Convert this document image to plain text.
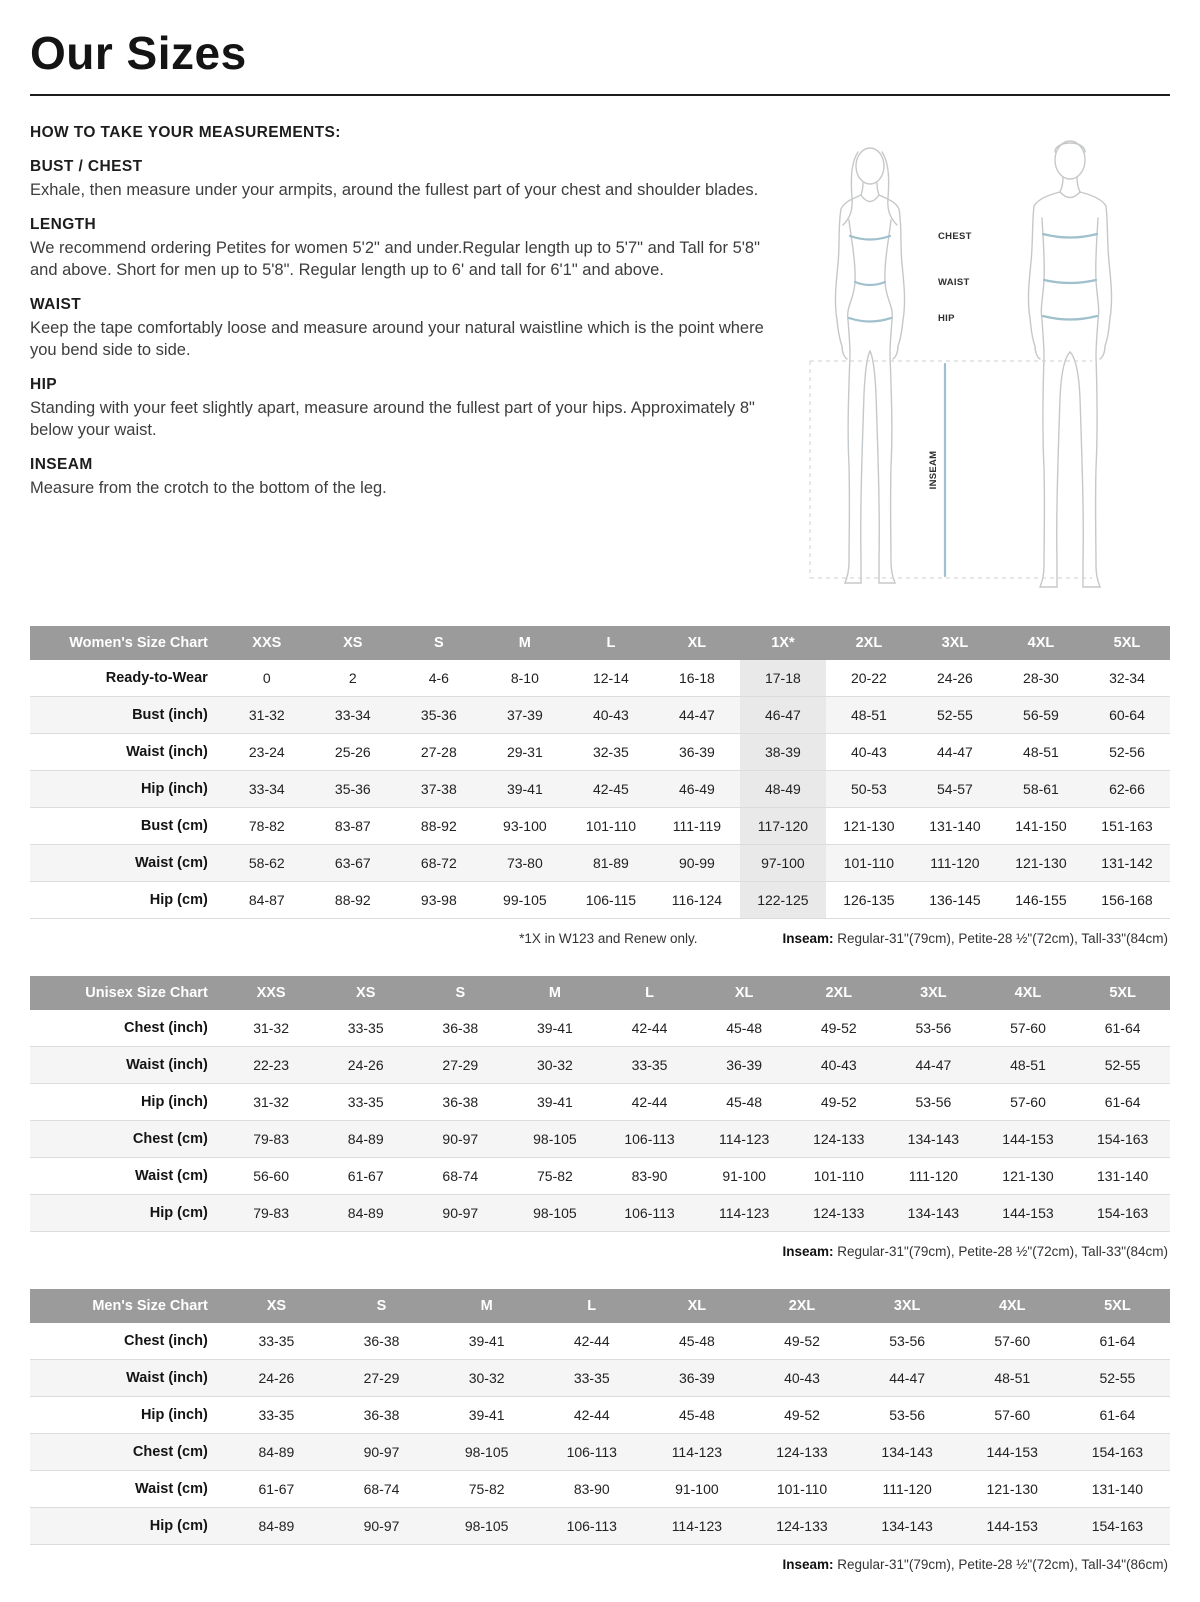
Our Sizes
HOW TO TAKE YOUR MEASUREMENTS:
BUST / CHEST

Exhale, then measure under your armpits, around the fullest part of your chest and shoulder blades.

LENGTH

We recommend ordering Petites for women 5'2" and under.Regular length up to 5'7" and Tall for 5'8" and above. Short for men up to 5'8". Regular length up to 6' and tall for 6'1" and above.

WAIST

Keep the tape comfortably loose and measure around your natural waistline which is the point where you bend side to side.

HIP

Standing with your feet slightly apart, measure around the fullest part of your hips. Approximately 8" below your waist.

INSEAM

Measure from the crotch to the bottom of the leg.

CHEST
WAIST
HIP
INSEAM
Women's Size Chart	XXS	XS	S	M	L	XL	1X*	2XL	3XL	4XL	5XL
Ready-to-Wear	0	2	4-6	8-10	12-14	16-18	17-18	20-22	24-26	28-30	32-34
Bust (inch)	31-32	33-34	35-36	37-39	40-43	44-47	46-47	48-51	52-55	56-59	60-64
Waist (inch)	23-24	25-26	27-28	29-31	32-35	36-39	38-39	40-43	44-47	48-51	52-56
Hip (inch)	33-34	35-36	37-38	39-41	42-45	46-49	48-49	50-53	54-57	58-61	62-66
Bust (cm)	78-82	83-87	88-92	93-100	101-110	111-119	117-120	121-130	131-140	141-150	151-163
Waist (cm)	58-62	63-67	68-72	73-80	81-89	90-99	97-100	101-110	111-120	121-130	131-142
Hip (cm)	84-87	88-92	93-98	99-105	106-115	116-124	122-125	126-135	136-145	146-155	156-168
*1X in W123 and Renew only.	Inseam: Regular-31"(79cm), Petite-28 ½"(72cm), Tall-33"(84cm)

Unisex Size Chart	XXS	XS	S	M	L	XL	2XL	3XL	4XL	5XL
Chest (inch)	31-32	33-35	36-38	39-41	42-44	45-48	49-52	53-56	57-60	61-64
Waist (inch)	22-23	24-26	27-29	30-32	33-35	36-39	40-43	44-47	48-51	52-55
Hip (inch)	31-32	33-35	36-38	39-41	42-44	45-48	49-52	53-56	57-60	61-64
Chest (cm)	79-83	84-89	90-97	98-105	106-113	114-123	124-133	134-143	144-153	154-163
Waist (cm)	56-60	61-67	68-74	75-82	83-90	91-100	101-110	111-120	121-130	131-140
Hip (cm)	79-83	84-89	90-97	98-105	106-113	114-123	124-133	134-143	144-153	154-163

Inseam: Regular-31"(79cm), Petite-28 ½"(72cm), Tall-33"(84cm)

Men's Size Chart	XS	S	M	L	XL	2XL	3XL	4XL	5XL
Chest (inch)	33-35	36-38	39-41	42-44	45-48	49-52	53-56	57-60	61-64
Waist (inch)	24-26	27-29	30-32	33-35	36-39	40-43	44-47	48-51	52-55
Hip (inch)	33-35	36-38	39-41	42-44	45-48	49-52	53-56	57-60	61-64
Chest (cm)	84-89	90-97	98-105	106-113	114-123	124-133	134-143	144-153	154-163
Waist (cm)	61-67	68-74	75-82	83-90	91-100	101-110	111-120	121-130	131-140
Hip (cm)	84-89	90-97	98-105	106-113	114-123	124-133	134-143	144-153	154-163

Inseam: Regular-31"(79cm), Petite-28 ½"(72cm), Tall-34"(86cm)
